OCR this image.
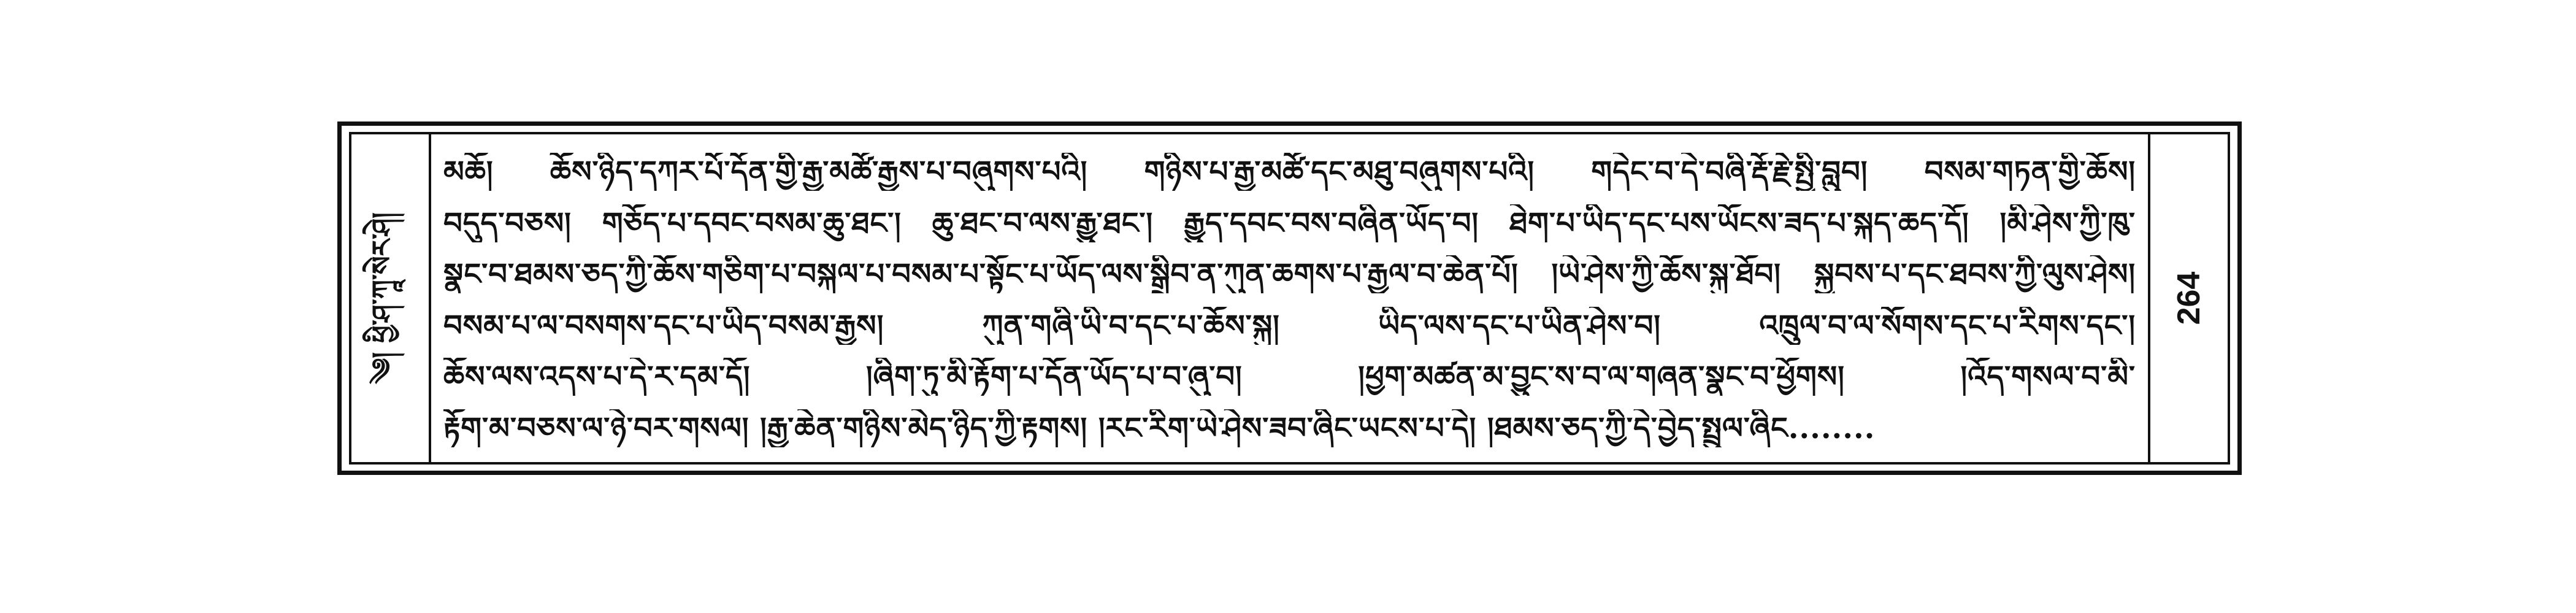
༄། ཕྱི་ཤ་ཀཱ་སེར་ཤེ།
མཆོ། ཆོས་ཉིད་དཀར་པོ་དོན་གྱི་རྒྱ་མཚོ་རྒྱས་པ་བཞུགས་པའི། གཉིས་པ་རྒྱ་མཚོ་དང་མཐུ་བཞུགས་པའི། གདེང་བ་དེ་བཞི་རྡོ་རྗེ་སྤྱི་བླུབ། བསམ་གཏན་གྱི་ཆོས།
བདུད་བཅས། གཅོད་པ་དབང་བསམ་ཆུ་ཐང་། ཆུ་ཐང་བ་ལས་རྒྱུ་ཐང་། རྒྱུད་དབང་བས་བཞིན་ཡོད་བ། ཐེག་པ་ཡིད་དང་པས་ཡོངས་ཟད་པ་སྐད་ཆད་དོ། །མི་ཤེས་ཀྱི་ཁུ་
སྣང་བ་ཐམས་ཅད་ཀྱི་ཆོས་གཅིག་པ་བསྐལ་པ་བསམ་པ་སྟོང་པ་ཡོད་ལས་སྒྲིབ་ན་ཀུན་ཆགས་པ་རྒྱལ་བ་ཆེན་པོ། །ཡེ་ཤེས་ཀྱི་ཆོས་སྐུ་ཐོབ། སྐྱབས་པ་དང་ཐབས་ཀྱི་ལུས་ཤེས།
བསམ་པ་ལ་བསགས་དང་པ་ཡིད་བསམ་རྒྱས། ཀུན་གཞི་ཡི་བ་དང་པ་ཆོས་སྐུ། ཡིད་ལས་དང་པ་ཡིན་ཤེས་བ། འཁྲུལ་བ་ལ་སོགས་དང་པ་རིགས་དང་།
ཆོས་ལས་འདས་པ་དེ་ར་དམ་དོ། །ཞིག་ཏུ་མི་རྟོག་པ་དོན་ཡོད་པ་བ་ཞུ་བ། །ཕྱག་མཚན་མ་བྱུང་ས་བ་ལ་གཞན་སྣང་བ་ཕྱོགས། །འོད་གསལ་བ་མི་
རྟོག་མ་བཅས་ལ་ཉེ་བར་གསལ། །རྒྱ་ཆེན་གཉིས་མེད་ཉིད་ཀྱི་རྟགས། །རང་རིག་ཡེ་ཤེས་ཟབ་ཞིང་ཡངས་པ་དེ། །ཐམས་ཅད་ཀྱི་དེ་བྱེད་སྤྲུལ་ཞིང........
264
